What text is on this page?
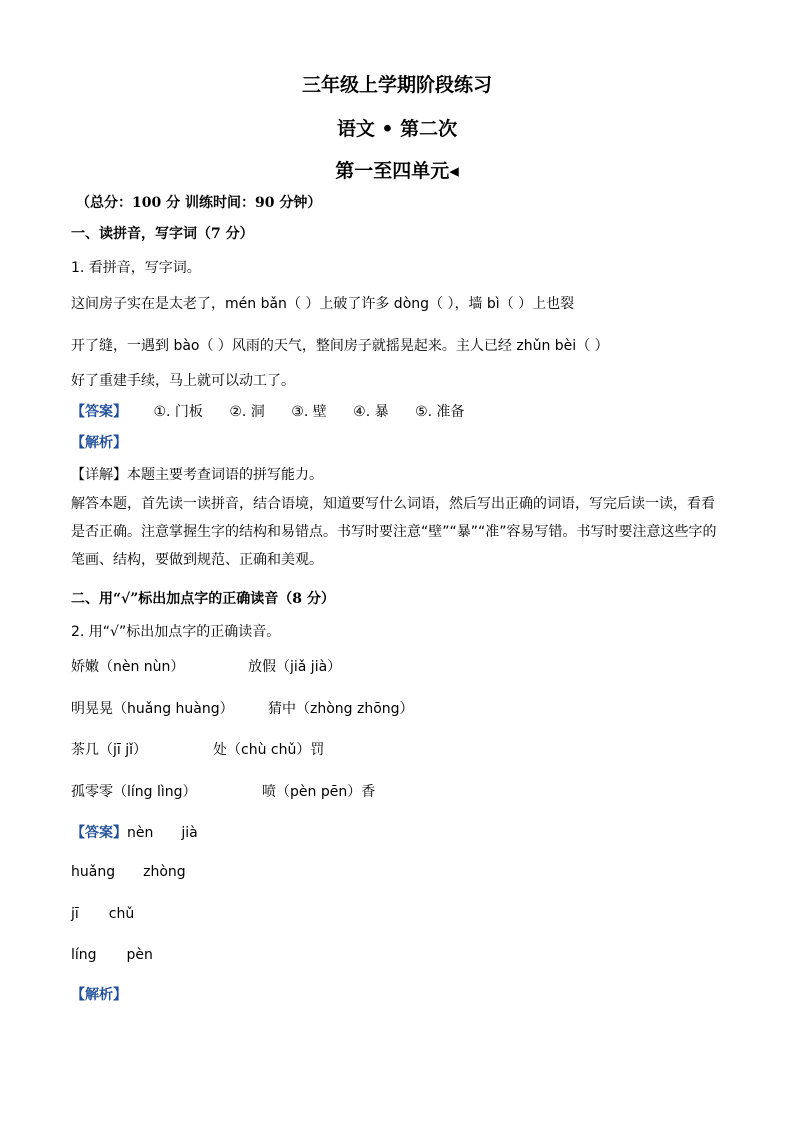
三年级上学期阶段练习
语文 • 第二次
第一至四单元◂
（总分：100 分 训练时间：90 分钟）
一、读拼音，写字词（7 分）
1. 看拼音，写字词。
这间房子实在是太老了，mén bǎn（ ）上破了许多 dòng（ ），墙 bì（ ）上也裂
开了缝，一遇到 bào（ ）风雨的天气，整间房子就摇晃起来。主人已经 zhǔn bèi（ ）
好了重建手续，马上就可以动工了。
【答案】 ①. 门板 ②. 洞 ③. 壁 ④. 暴 ⑤. 准备
【解析】
【详解】本题主要考查词语的拼写能力。
解答本题，首先读一读拼音，结合语境，知道要写什么词语，然后写出正确的词语，写完后读一读，看看是否正确。注意掌握生字的结构和易错点。书写时要注意“壁”“暴”“准”容易写错。书写时要注意这些字的笔画、结构，要做到规范、正确和美观。
二、用“√”标出加点字的正确读音（8 分）
2. 用“√”标出加点字的正确读音。
娇嫩（nèn nùn）	放假（jiǎ jià）
明晃晃（huǎng huàng） 猜中（zhòng zhōng）
茶几（jī jǐ）	处（chù chǔ）罚
孤零零（líng lìng）	喷（pèn pēn）香
【答案】nèn jià
huǎng zhòng
jī chǔ
líng pèn
【解析】
